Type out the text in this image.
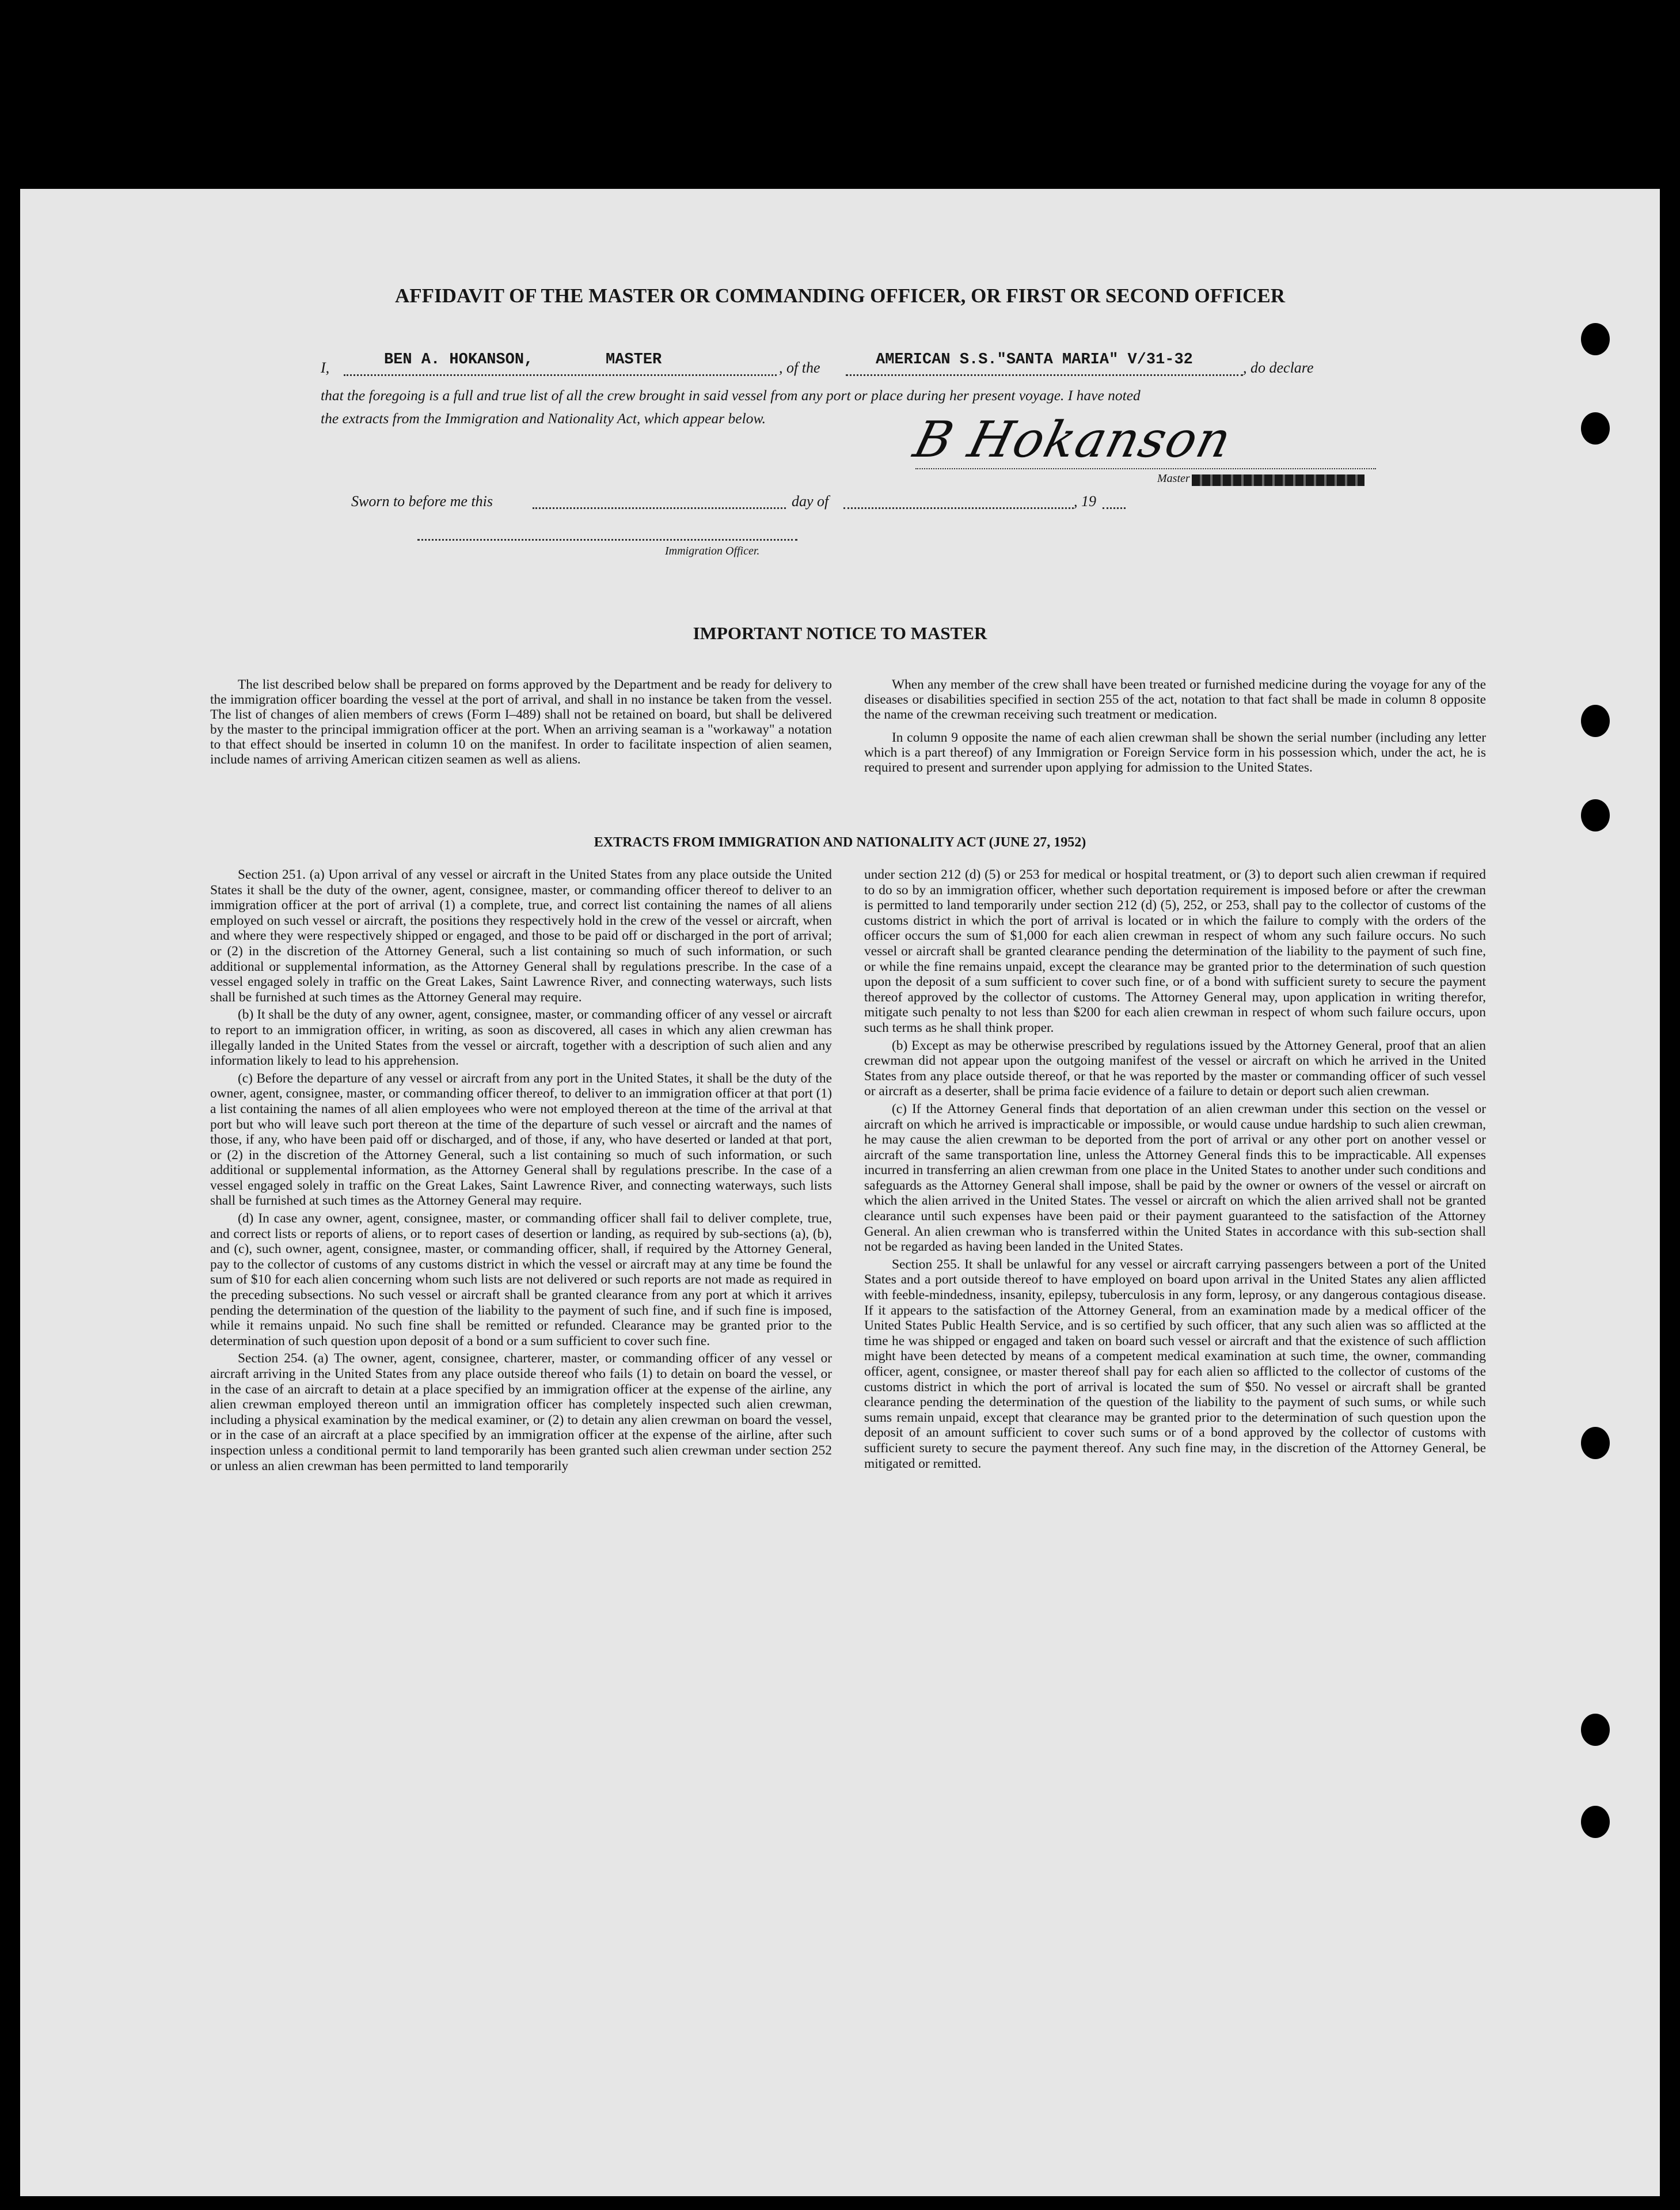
AFFIDAVIT OF THE MASTER OR COMMANDING OFFICER, OR FIRST OR SECOND OFFICER
I,	BEN A. HOKANSON,	MASTER	, of the	AMERICAN S.S."SANTA MARIA" V/31-32	, do declare
that the foregoing is a full and true list of all the crew brought in said vessel from any port or place during her present voyage. I have noted
the extracts from the Immigration and Nationality Act, which appear below.	B Hokanson
Master
Sworn to before me this	day of	, 19
Immigration Officer.
IMPORTANT NOTICE TO MASTER

The list described below shall be prepared on forms approved by the Department and be ready for delivery to the immigration officer boarding the vessel at the port of arrival, and shall in no instance be taken from the vessel. The list of changes of alien members of crews (Form I–489) shall not be retained on board, but shall be delivered by the master to the principal immigration officer at the port. When an arriving seaman is a "workaway" a notation to that effect should be inserted in column 10 on the manifest. In order to facilitate inspection of alien seamen, include names of arriving American citizen seamen as well as aliens.

When any member of the crew shall have been treated or furnished medicine during the voyage for any of the diseases or disabilities specified in section 255 of the act, notation to that fact shall be made in column 8 opposite the name of the crewman receiving such treatment or medication.

In column 9 opposite the name of each alien crewman shall be shown the serial number (including any letter which is a part thereof) of any Immigration or Foreign Service form in his possession which, under the act, he is required to present and surrender upon applying for admission to the United States.

EXTRACTS FROM IMMIGRATION AND NATIONALITY ACT (JUNE 27, 1952)

Section 251. (a) Upon arrival of any vessel or aircraft in the United States from any place outside the United States it shall be the duty of the owner, agent, consignee, master, or commanding officer thereof to deliver to an immigration officer at the port of arrival (1) a complete, true, and correct list containing the names of all aliens employed on such vessel or aircraft, the positions they respectively hold in the crew of the vessel or aircraft, when and where they were respectively shipped or engaged, and those to be paid off or discharged in the port of arrival; or (2) in the discretion of the Attorney General, such a list containing so much of such information, or such additional or supplemental information, as the Attorney General shall by regulations prescribe. In the case of a vessel engaged solely in traffic on the Great Lakes, Saint Lawrence River, and connecting waterways, such lists shall be furnished at such times as the Attorney General may require.

(b) It shall be the duty of any owner, agent, consignee, master, or commanding officer of any vessel or aircraft to report to an immigration officer, in writing, as soon as discovered, all cases in which any alien crewman has illegally landed in the United States from the vessel or aircraft, together with a description of such alien and any information likely to lead to his apprehension.

(c) Before the departure of any vessel or aircraft from any port in the United States, it shall be the duty of the owner, agent, consignee, master, or commanding officer thereof, to deliver to an immigration officer at that port (1) a list containing the names of all alien employees who were not employed thereon at the time of the arrival at that port but who will leave such port thereon at the time of the departure of such vessel or aircraft and the names of those, if any, who have been paid off or discharged, and of those, if any, who have deserted or landed at that port, or (2) in the discretion of the Attorney General, such a list containing so much of such information, or such additional or supplemental information, as the Attorney General shall by regulations prescribe. In the case of a vessel engaged solely in traffic on the Great Lakes, Saint Lawrence River, and connecting waterways, such lists shall be furnished at such times as the Attorney General may require.

(d) In case any owner, agent, consignee, master, or commanding officer shall fail to deliver complete, true, and correct lists or reports of aliens, or to report cases of desertion or landing, as required by sub-sections (a), (b), and (c), such owner, agent, consignee, master, or commanding officer, shall, if required by the Attorney General, pay to the collector of customs of any customs district in which the vessel or aircraft may at any time be found the sum of $10 for each alien concerning whom such lists are not delivered or such reports are not made as required in the preceding subsections. No such vessel or aircraft shall be granted clearance from any port at which it arrives pending the determination of the question of the liability to the payment of such fine, and if such fine is imposed, while it remains unpaid. No such fine shall be remitted or refunded. Clearance may be granted prior to the determination of such question upon deposit of a bond or a sum sufficient to cover such fine.

Section 254. (a) The owner, agent, consignee, charterer, master, or commanding officer of any vessel or aircraft arriving in the United States from any place outside thereof who fails (1) to detain on board the vessel, or in the case of an aircraft to detain at a place specified by an immigration officer at the expense of the airline, any alien crewman employed thereon until an immigration officer has completely inspected such alien crewman, including a physical examination by the medical examiner, or (2) to detain any alien crewman on board the vessel, or in the case of an aircraft at a place specified by an immigration officer at the expense of the airline, after such inspection unless a conditional permit to land temporarily has been granted such alien crewman under section 252 or unless an alien crewman has been permitted to land temporarily

under section 212 (d) (5) or 253 for medical or hospital treatment, or (3) to deport such alien crewman if required to do so by an immigration officer, whether such deportation requirement is imposed before or after the crewman is permitted to land temporarily under section 212 (d) (5), 252, or 253, shall pay to the collector of customs of the customs district in which the port of arrival is located or in which the failure to comply with the orders of the officer occurs the sum of $1,000 for each alien crewman in respect of whom any such failure occurs. No such vessel or aircraft shall be granted clearance pending the determination of the liability to the payment of such fine, or while the fine remains unpaid, except the clearance may be granted prior to the determination of such question upon the deposit of a sum sufficient to cover such fine, or of a bond with sufficient surety to secure the payment thereof approved by the collector of customs. The Attorney General may, upon application in writing therefor, mitigate such penalty to not less than $200 for each alien crewman in respect of whom such failure occurs, upon such terms as he shall think proper.

(b) Except as may be otherwise prescribed by regulations issued by the Attorney General, proof that an alien crewman did not appear upon the outgoing manifest of the vessel or aircraft on which he arrived in the United States from any place outside thereof, or that he was reported by the master or commanding officer of such vessel or aircraft as a deserter, shall be prima facie evidence of a failure to detain or deport such alien crewman.

(c) If the Attorney General finds that deportation of an alien crewman under this section on the vessel or aircraft on which he arrived is impracticable or impossible, or would cause undue hardship to such alien crewman, he may cause the alien crewman to be deported from the port of arrival or any other port on another vessel or aircraft of the same transportation line, unless the Attorney General finds this to be impracticable. All expenses incurred in transferring an alien crewman from one place in the United States to another under such conditions and safeguards as the Attorney General shall impose, shall be paid by the owner or owners of the vessel or aircraft on which the alien arrived in the United States. The vessel or aircraft on which the alien arrived shall not be granted clearance until such expenses have been paid or their payment guaranteed to the satisfaction of the Attorney General. An alien crewman who is transferred within the United States in accordance with this sub-section shall not be regarded as having been landed in the United States.

Section 255. It shall be unlawful for any vessel or aircraft carrying passengers between a port of the United States and a port outside thereof to have employed on board upon arrival in the United States any alien afflicted with feeble-mindedness, insanity, epilepsy, tuberculosis in any form, leprosy, or any dangerous contagious disease. If it appears to the satisfaction of the Attorney General, from an examination made by a medical officer of the United States Public Health Service, and is so certified by such officer, that any such alien was so afflicted at the time he was shipped or engaged and taken on board such vessel or aircraft and that the existence of such affliction might have been detected by means of a competent medical examination at such time, the owner, commanding officer, agent, consignee, or master thereof shall pay for each alien so afflicted to the collector of customs of the customs district in which the port of arrival is located the sum of $50. No vessel or aircraft shall be granted clearance pending the determination of the question of the liability to the payment of such sums, or while such sums remain unpaid, except that clearance may be granted prior to the determination of such question upon the deposit of an amount sufficient to cover such sums or of a bond approved by the collector of customs with sufficient surety to secure the payment thereof. Any such fine may, in the discretion of the Attorney General, be mitigated or remitted.
